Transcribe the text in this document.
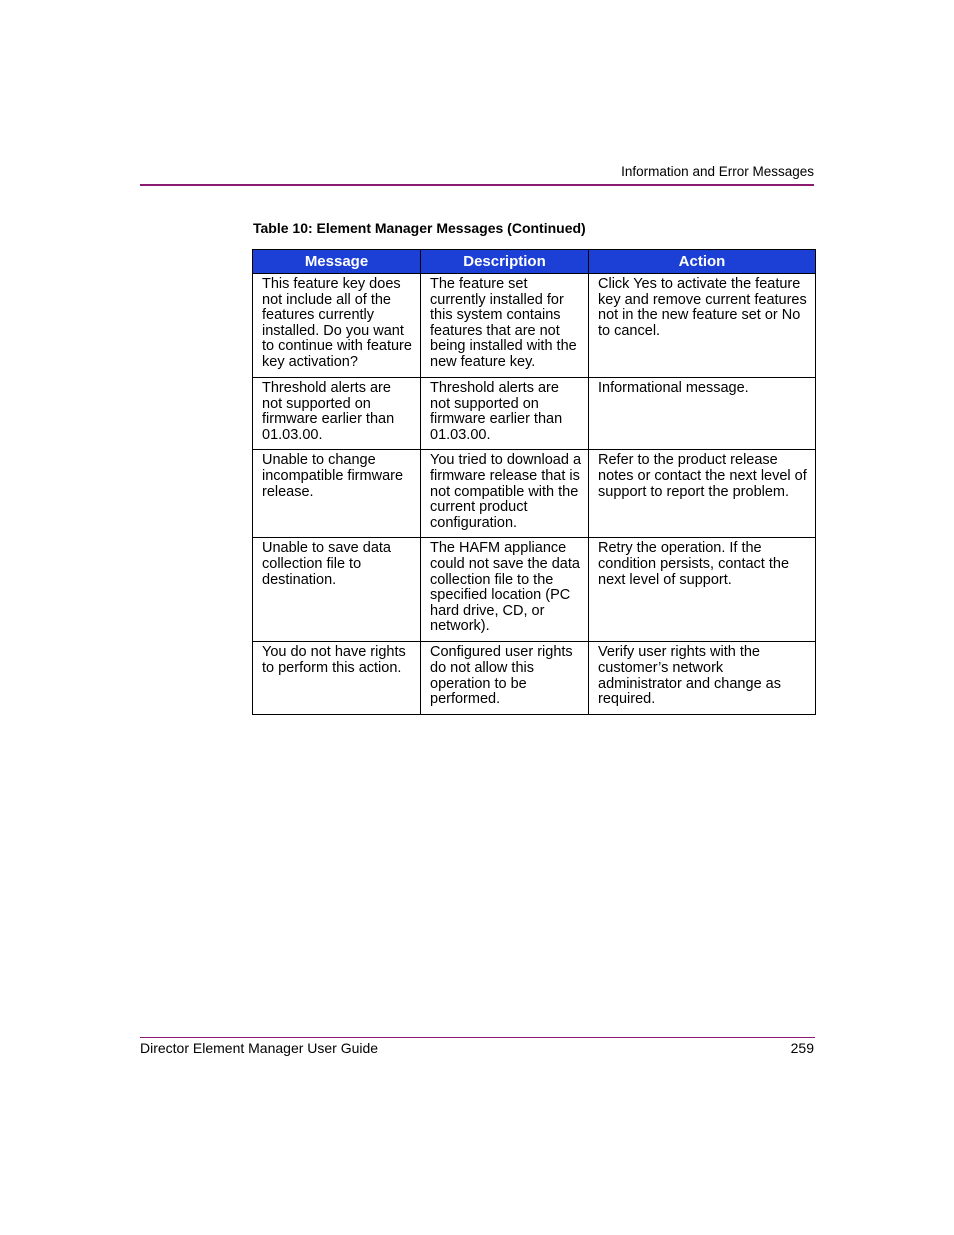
Information and Error Messages
Table 10: Element Manager Messages (Continued)
Message	Description	Action
This feature key does not include all of the features currently installed. Do you want to continue with feature key activation?	The feature set currently installed for this system contains features that are not being installed with the new feature key.	Click Yes to activate the feature key and remove current features not in the new feature set or No to cancel.
Threshold alerts are not supported on firmware earlier than 01.03.00.	Threshold alerts are not supported on firmware earlier than 01.03.00.	Informational message.
Unable to change incompatible firmware release.	You tried to download a firmware release that is not compatible with the current product configuration.	Refer to the product release notes or contact the next level of support to report the problem.
Unable to save data collection file to destination.	The HAFM appliance could not save the data collection file to the specified location (PC hard drive, CD, or network).	Retry the operation. If the condition persists, contact the next level of support.
You do not have rights to perform this action.	Configured user rights do not allow this operation to be performed.	Verify user rights with the customer’s network administrator and change as required.
Director Element Manager User Guide	259
